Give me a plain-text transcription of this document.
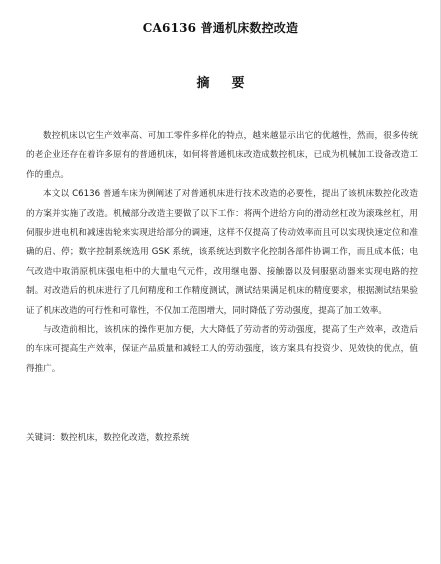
CA6136 普通机床数控改造
摘 要

数控机床以它生产效率高、可加工零件多样化的特点，越来越显示出它的优越性，然而，很多传统的老企业还存在着许多原有的普通机床，如何将普通机床改造成数控机床，已成为机械加工设备改造工作的重点。

本文以 C6136 普通车床为例阐述了对普通机床进行技术改造的必要性，提出了该机床数控化改造的方案并实施了改造。机械部分改造主要做了以下工作：将两个进给方向的滑动丝杠改为滚珠丝杠，用伺服步进电机和减速齿轮来实现进给部分的调速，这样不仅提高了传动效率而且可以实现快速定位和准确的启、停；数字控制系统选用 GSK 系统，该系统达到数字化控制各部件协调工作，而且成本低；电气改造中取消原机床强电柜中的大量电气元件，改用继电器、接触器以及伺服驱动器来实现电路的控制。对改造后的机床进行了几何精度和工作精度测试，测试结果满足机床的精度要求，根据测试结果验证了机床改造的可行性和可靠性，不仅加工范围增大，同时降低了劳动强度，提高了加工效率。

与改造前相比，该机床的操作更加方便，大大降低了劳动者的劳动强度，提高了生产效率，改造后的车床可提高生产效率，保证产品质量和减轻工人的劳动强度，该方案具有投资少、见效快的优点，值得推广。

关键词：数控机床，数控化改造，数控系统
